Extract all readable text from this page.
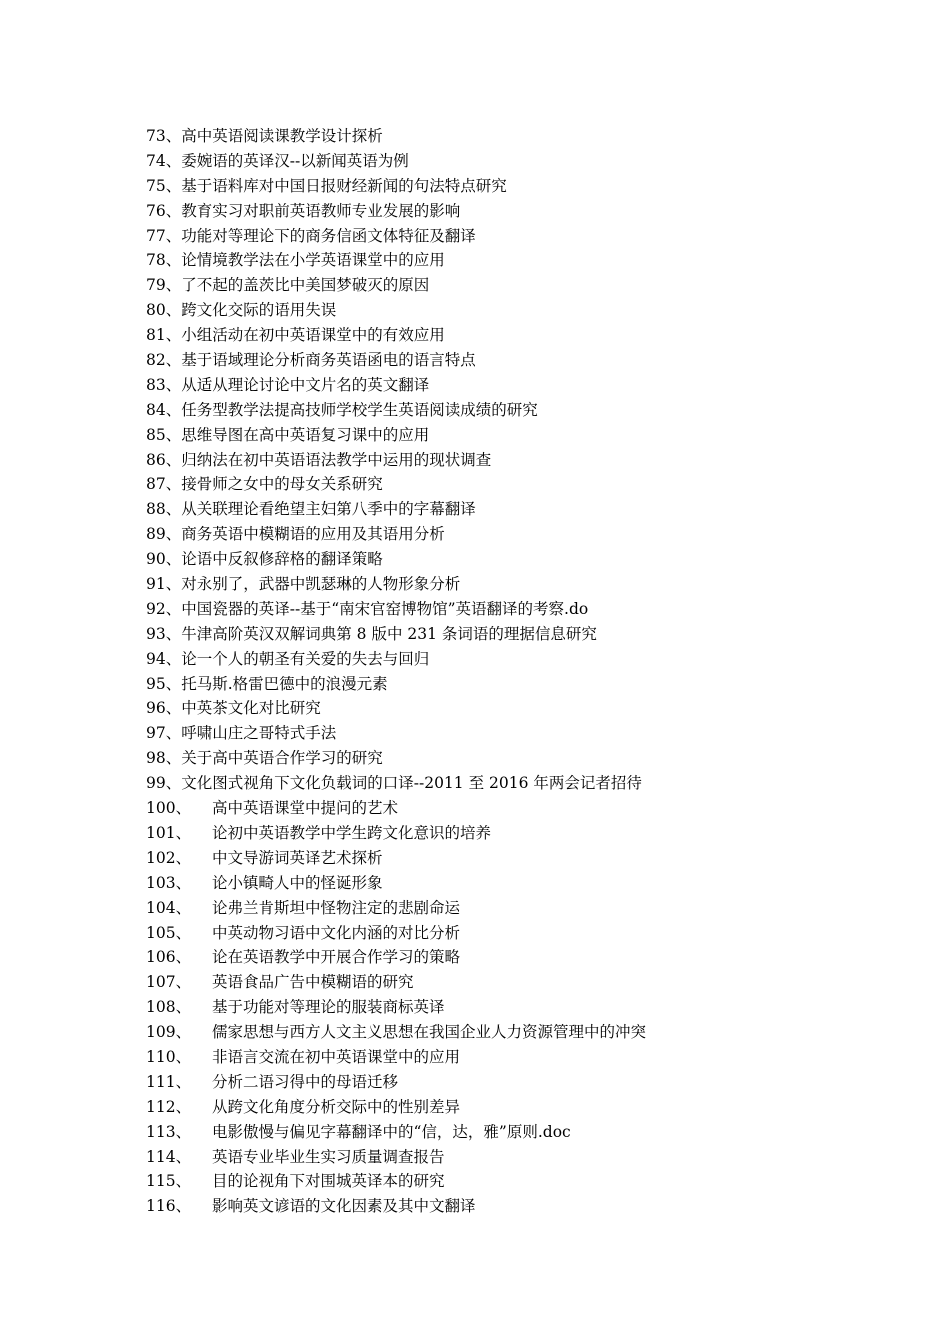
73、 高中英语阅读课教学设计探析
74、 委婉语的英译汉--以新闻英语为例
75、 基于语料库对中国日报财经新闻的句法特点研究
76、 教育实习对职前英语教师专业发展的影响
77、 功能对等理论下的商务信函文体特征及翻译
78、 论情境教学法在小学英语课堂中的应用
79、 了不起的盖茨比中美国梦破灭的原因
80、 跨文化交际的语用失误
81、 小组活动在初中英语课堂中的有效应用
82、 基于语域理论分析商务英语函电的语言特点
83、 从适从理论讨论中文片名的英文翻译
84、 任务型教学法提高技师学校学生英语阅读成绩的研究
85、 思维导图在高中英语复习课中的应用
86、 归纳法在初中英语语法教学中运用的现状调查
87、 接骨师之女中的母女关系研究
88、 从关联理论看绝望主妇第八季中的字幕翻译
89、 商务英语中模糊语的应用及其语用分析
90、 论语中反叙修辞格的翻译策略
91、 对永别了，武器中凯瑟琳的人物形象分析
92、 中国瓷器的英译--基于“南宋官窑博物馆”英语翻译的考察.do
93、 牛津高阶英汉双解词典第 8 版中 231 条词语的理据信息研究
94、 论一个人的朝圣有关爱的失去与回归
95、 托马斯.格雷巴德中的浪漫元素
96、 中英茶文化对比研究
97、 呼啸山庄之哥特式手法
98、 关于高中英语合作学习的研究
99、 文化图式视角下文化负载词的口译--2011 至 2016 年两会记者招待
100、	高中英语课堂中提问的艺术
101、	论初中英语教学中学生跨文化意识的培养
102、	中文导游词英译艺术探析
103、	论小镇畸人中的怪诞形象
104、	论弗兰肯斯坦中怪物注定的悲剧命运
105、	中英动物习语中文化内涵的对比分析
106、	论在英语教学中开展合作学习的策略
107、	英语食品广告中模糊语的研究
108、	基于功能对等理论的服装商标英译
109、	儒家思想与西方人文主义思想在我国企业人力资源管理中的冲突
110、	非语言交流在初中英语课堂中的应用
111、	分析二语习得中的母语迁移
112、	从跨文化角度分析交际中的性别差异
113、	电影傲慢与偏见字幕翻译中的“信，达，雅”原则.doc
114、	英语专业毕业生实习质量调查报告
115、	目的论视角下对围城英译本的研究
116、	影响英文谚语的文化因素及其中文翻译
